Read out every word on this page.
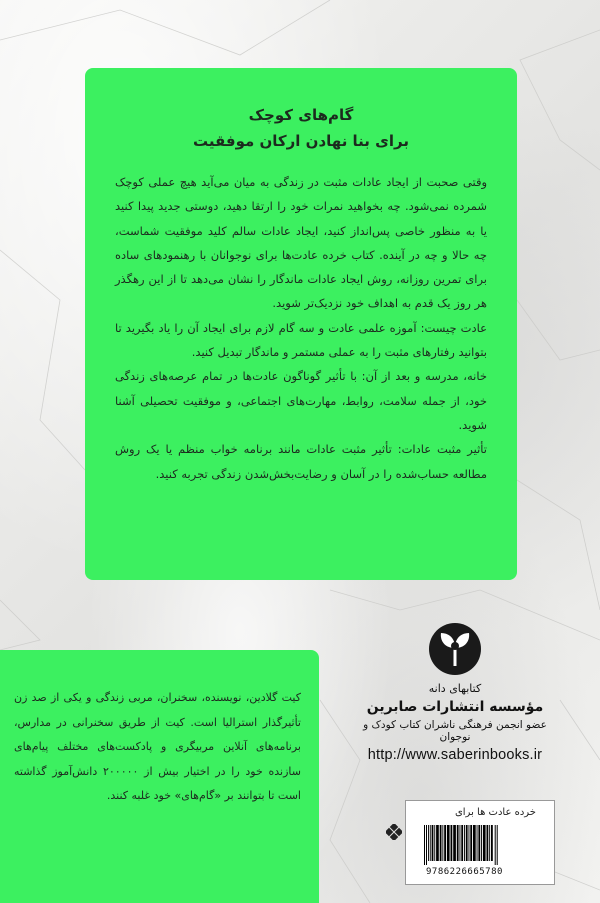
گام‌های کوچک

برای بنا نهادن ارکان موفقیت

وقتی صحبت از ایجاد عادات مثبت در زندگی به میان می‌آید هیچ عملی کوچک شمرده نمی‌شود. چه بخواهید نمرات خود را ارتقا دهید، دوستی جدید پیدا کنید یا به منظور خاصی پس‌انداز کنید، ایجاد عادات سالم کلید موفقیت شماست، چه حالا و چه در آینده. کتاب خرده عادت‌ها برای نوجوانان با رهنمودهای ساده برای تمرین روزانه، روش ایجاد عادات ماندگار را نشان می‌دهد تا از این رهگذر هر روز یک قدم به اهداف خود نزدیک‌تر شوید.

عادت چیست: آموزه علمی عادت و سه گام لازم برای ایجاد آن را یاد بگیرید تا بتوانید رفتارهای مثبت را به عملی مستمر و ماندگار تبدیل کنید.

خانه، مدرسه و بعد از آن: با تأثیر گوناگون عادت‌ها در تمام عرصه‌های زندگی خود، از جمله سلامت، روابط، مهارت‌های اجتماعی، و موفقیت تحصیلی آشنا شوید.

تأثیر مثبت عادات: تأثیر مثبت عادات مانند برنامه خواب منظم یا یک روش مطالعه حساب‌شده را در آسان و رضایت‌بخش‌شدن زندگی تجربه کنید.

کیت گلادین، نویسنده، سخنران، مربی زندگی و یکی از صد زن تأثیرگذار استرالیا است. کیت از طریق سخنرانی در مدارس، برنامه‌های آنلاین مربیگری و پادکست‌های مختلف پیام‌های سازنده خود را در اختیار بیش از ۲۰۰۰۰۰ دانش‌آموز گذاشته است تا بتوانند بر «گام‌های» خود غلبه کنند.

کتابهای دانه
مؤسسه انتشارات صابرین
عضو انجمن فرهنگی ناشران کتاب کودک و نوجوان
http://www.saberinbooks.ir

خرده عادت ها برای

9786226665780
